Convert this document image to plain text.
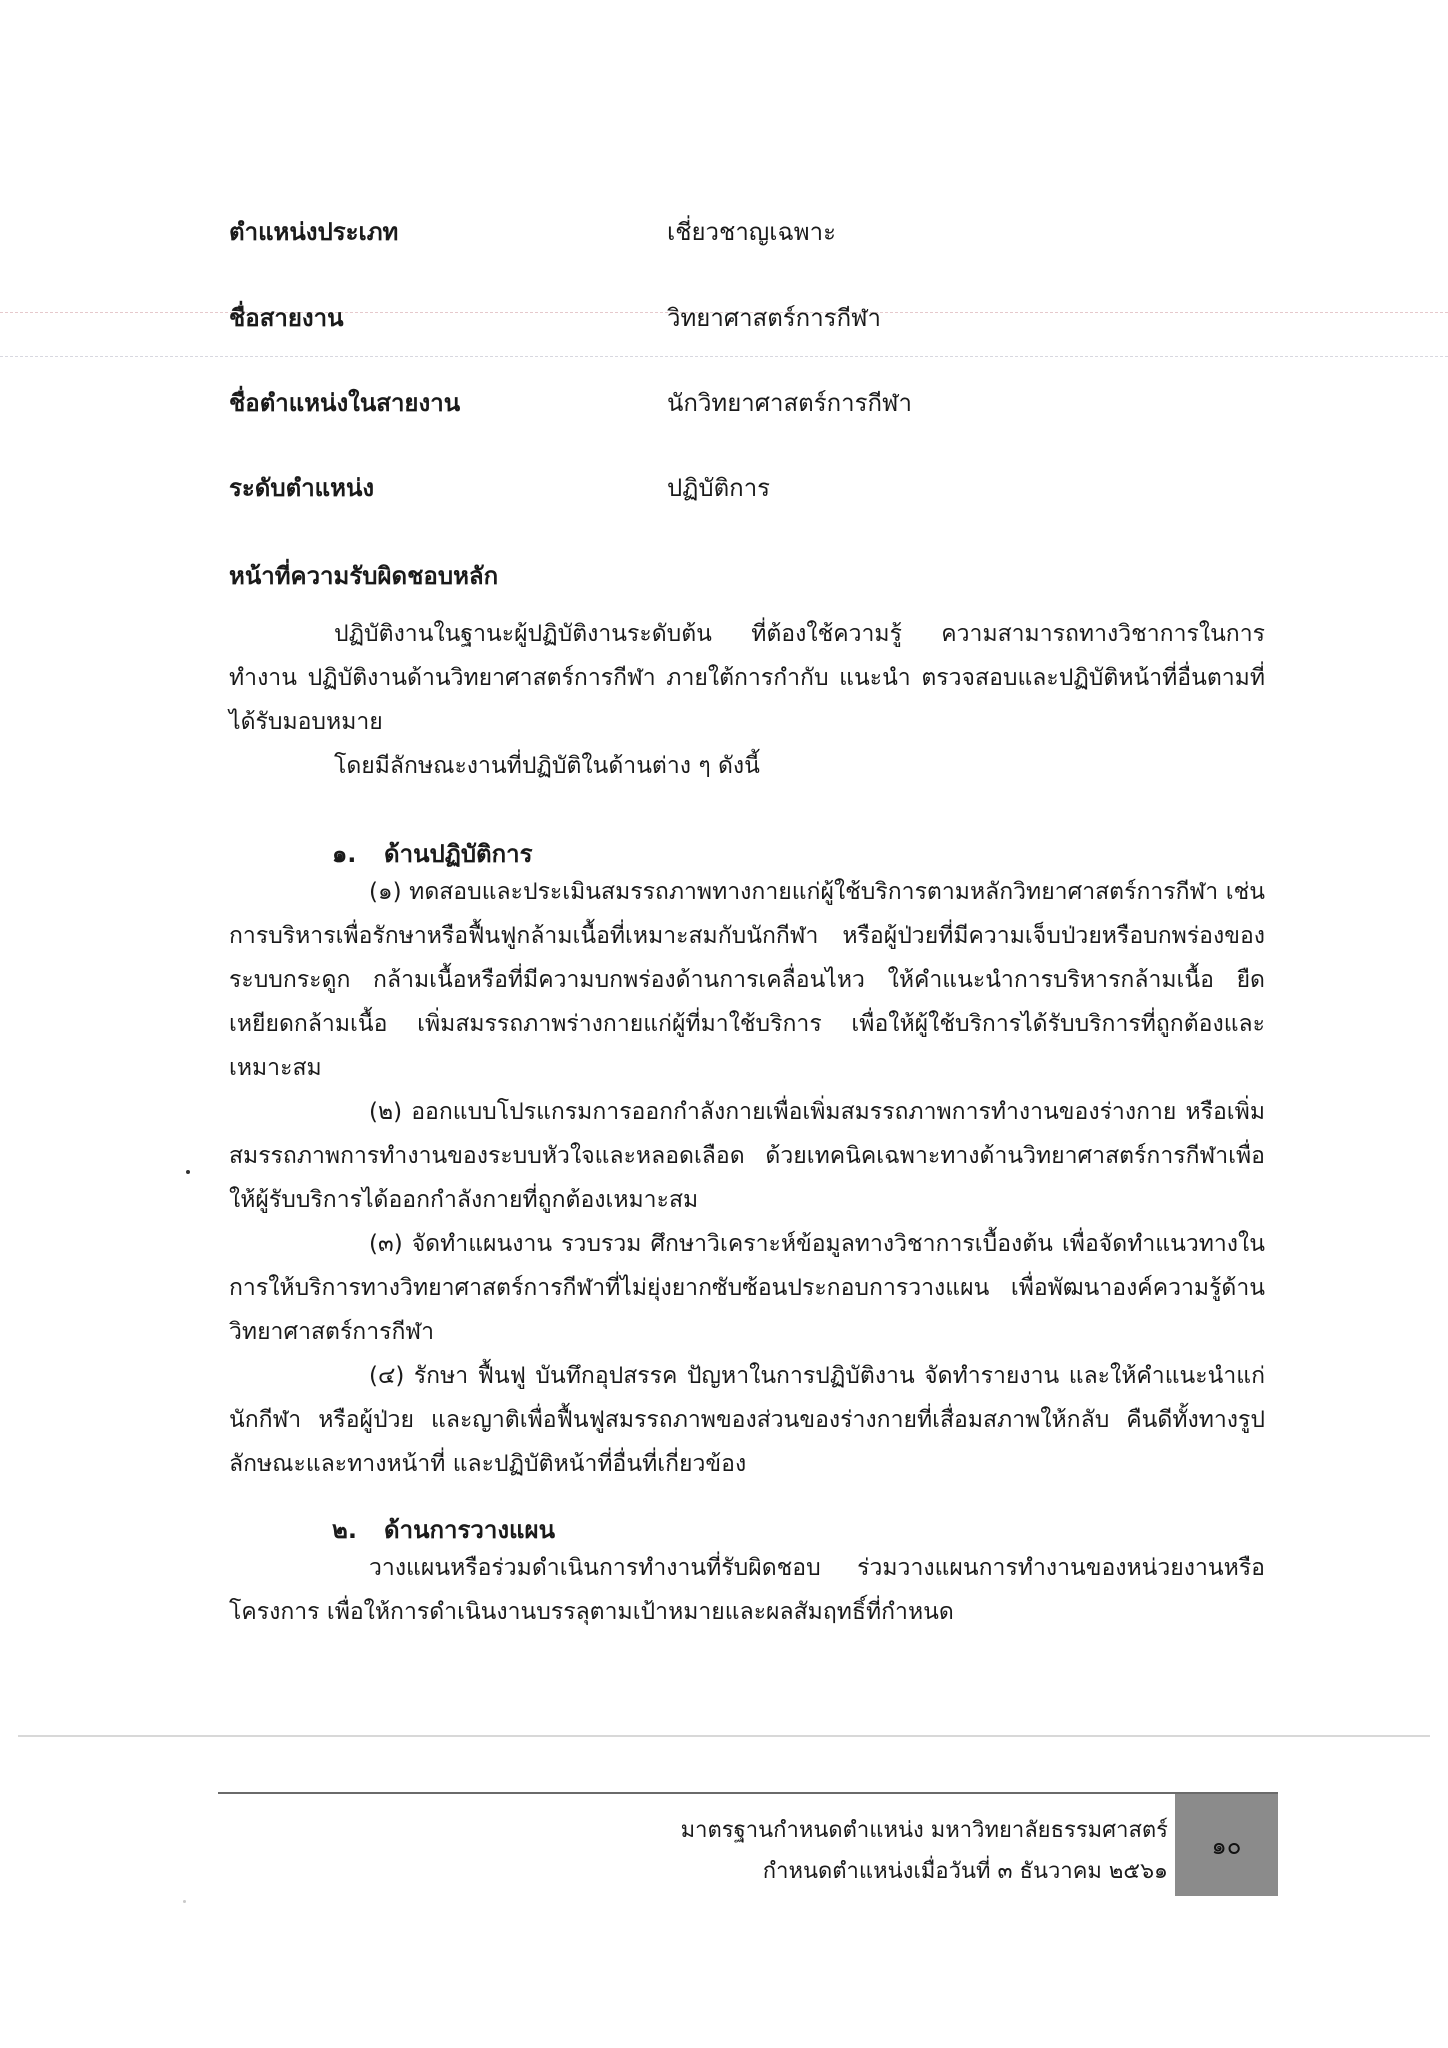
ตำแหน่งประเภท	เชี่ยวชาญเฉพาะ
ชื่อสายงาน	วิทยาศาสตร์การกีฬา
ชื่อตำแหน่งในสายงาน	นักวิทยาศาสตร์การกีฬา
ระดับตำแหน่ง	ปฏิบัติการ
หน้าที่ความรับผิดชอบหลัก

ปฏิบัติงานในฐานะผู้ปฏิบัติงานระดับต้น ที่ต้องใช้ความรู้ ความสามารถทางวิชาการในการทำงาน ปฏิบัติงานด้านวิทยาศาสตร์การกีฬา ภายใต้การกำกับ แนะนำ ตรวจสอบและปฏิบัติหน้าที่อื่นตามที่ได้รับมอบหมาย

โดยมีลักษณะงานที่ปฏิบัติในด้านต่าง ๆ ดังนี้

๑. ด้านปฏิบัติการ

(๑) ทดสอบและประเมินสมรรถภาพทางกายแก่ผู้ใช้บริการตามหลักวิทยาศาสตร์การกีฬา เช่น การบริหารเพื่อรักษาหรือฟื้นฟูกล้ามเนื้อที่เหมาะสมกับนักกีฬา หรือผู้ป่วยที่มีความเจ็บป่วยหรือบกพร่องของระบบกระดูก กล้ามเนื้อหรือที่มีความบกพร่องด้านการเคลื่อนไหว ให้คำแนะนำการบริหารกล้ามเนื้อ ยืด เหยียดกล้ามเนื้อ เพิ่มสมรรถภาพร่างกายแก่ผู้ที่มาใช้บริการ เพื่อให้ผู้ใช้บริการได้รับบริการที่ถูกต้องและเหมาะสม

(๒) ออกแบบโปรแกรมการออกกำลังกายเพื่อเพิ่มสมรรถภาพการทำงานของร่างกาย หรือเพิ่มสมรรถภาพการทำงานของระบบหัวใจและหลอดเลือด ด้วยเทคนิคเฉพาะทางด้านวิทยาศาสตร์การกีฬาเพื่อให้ผู้รับบริการได้ออกกำลังกายที่ถูกต้องเหมาะสม

(๓) จัดทำแผนงาน รวบรวม ศึกษาวิเคราะห์ข้อมูลทางวิชาการเบื้องต้น เพื่อจัดทำแนวทางในการให้บริการทางวิทยาศาสตร์การกีฬาที่ไม่ยุ่งยากซับซ้อนประกอบการวางแผน เพื่อพัฒนาองค์ความรู้ด้านวิทยาศาสตร์การกีฬา

(๔) รักษา ฟื้นฟู บันทึกอุปสรรค ปัญหาในการปฏิบัติงาน จัดทำรายงาน และให้คำแนะนำแก่นักกีฬา หรือผู้ป่วย และญาติเพื่อฟื้นฟูสมรรถภาพของส่วนของร่างกายที่เสื่อมสภาพให้กลับ คืนดีทั้งทางรูปลักษณะและทางหน้าที่ และปฏิบัติหน้าที่อื่นที่เกี่ยวข้อง

๒. ด้านการวางแผน

วางแผนหรือร่วมดำเนินการทำงานที่รับผิดชอบ ร่วมวางแผนการทำงานของหน่วยงานหรือโครงการ เพื่อให้การดำเนินงานบรรลุตามเป้าหมายและผลสัมฤทธิ์ที่กำหนด

มาตรฐานกำหนดตำแหน่ง มหาวิทยาลัยธรรมศาสตร์
กำหนดตำแหน่งเมื่อวันที่ ๓ ธันวาคม ๒๕๖๑
๑๐
